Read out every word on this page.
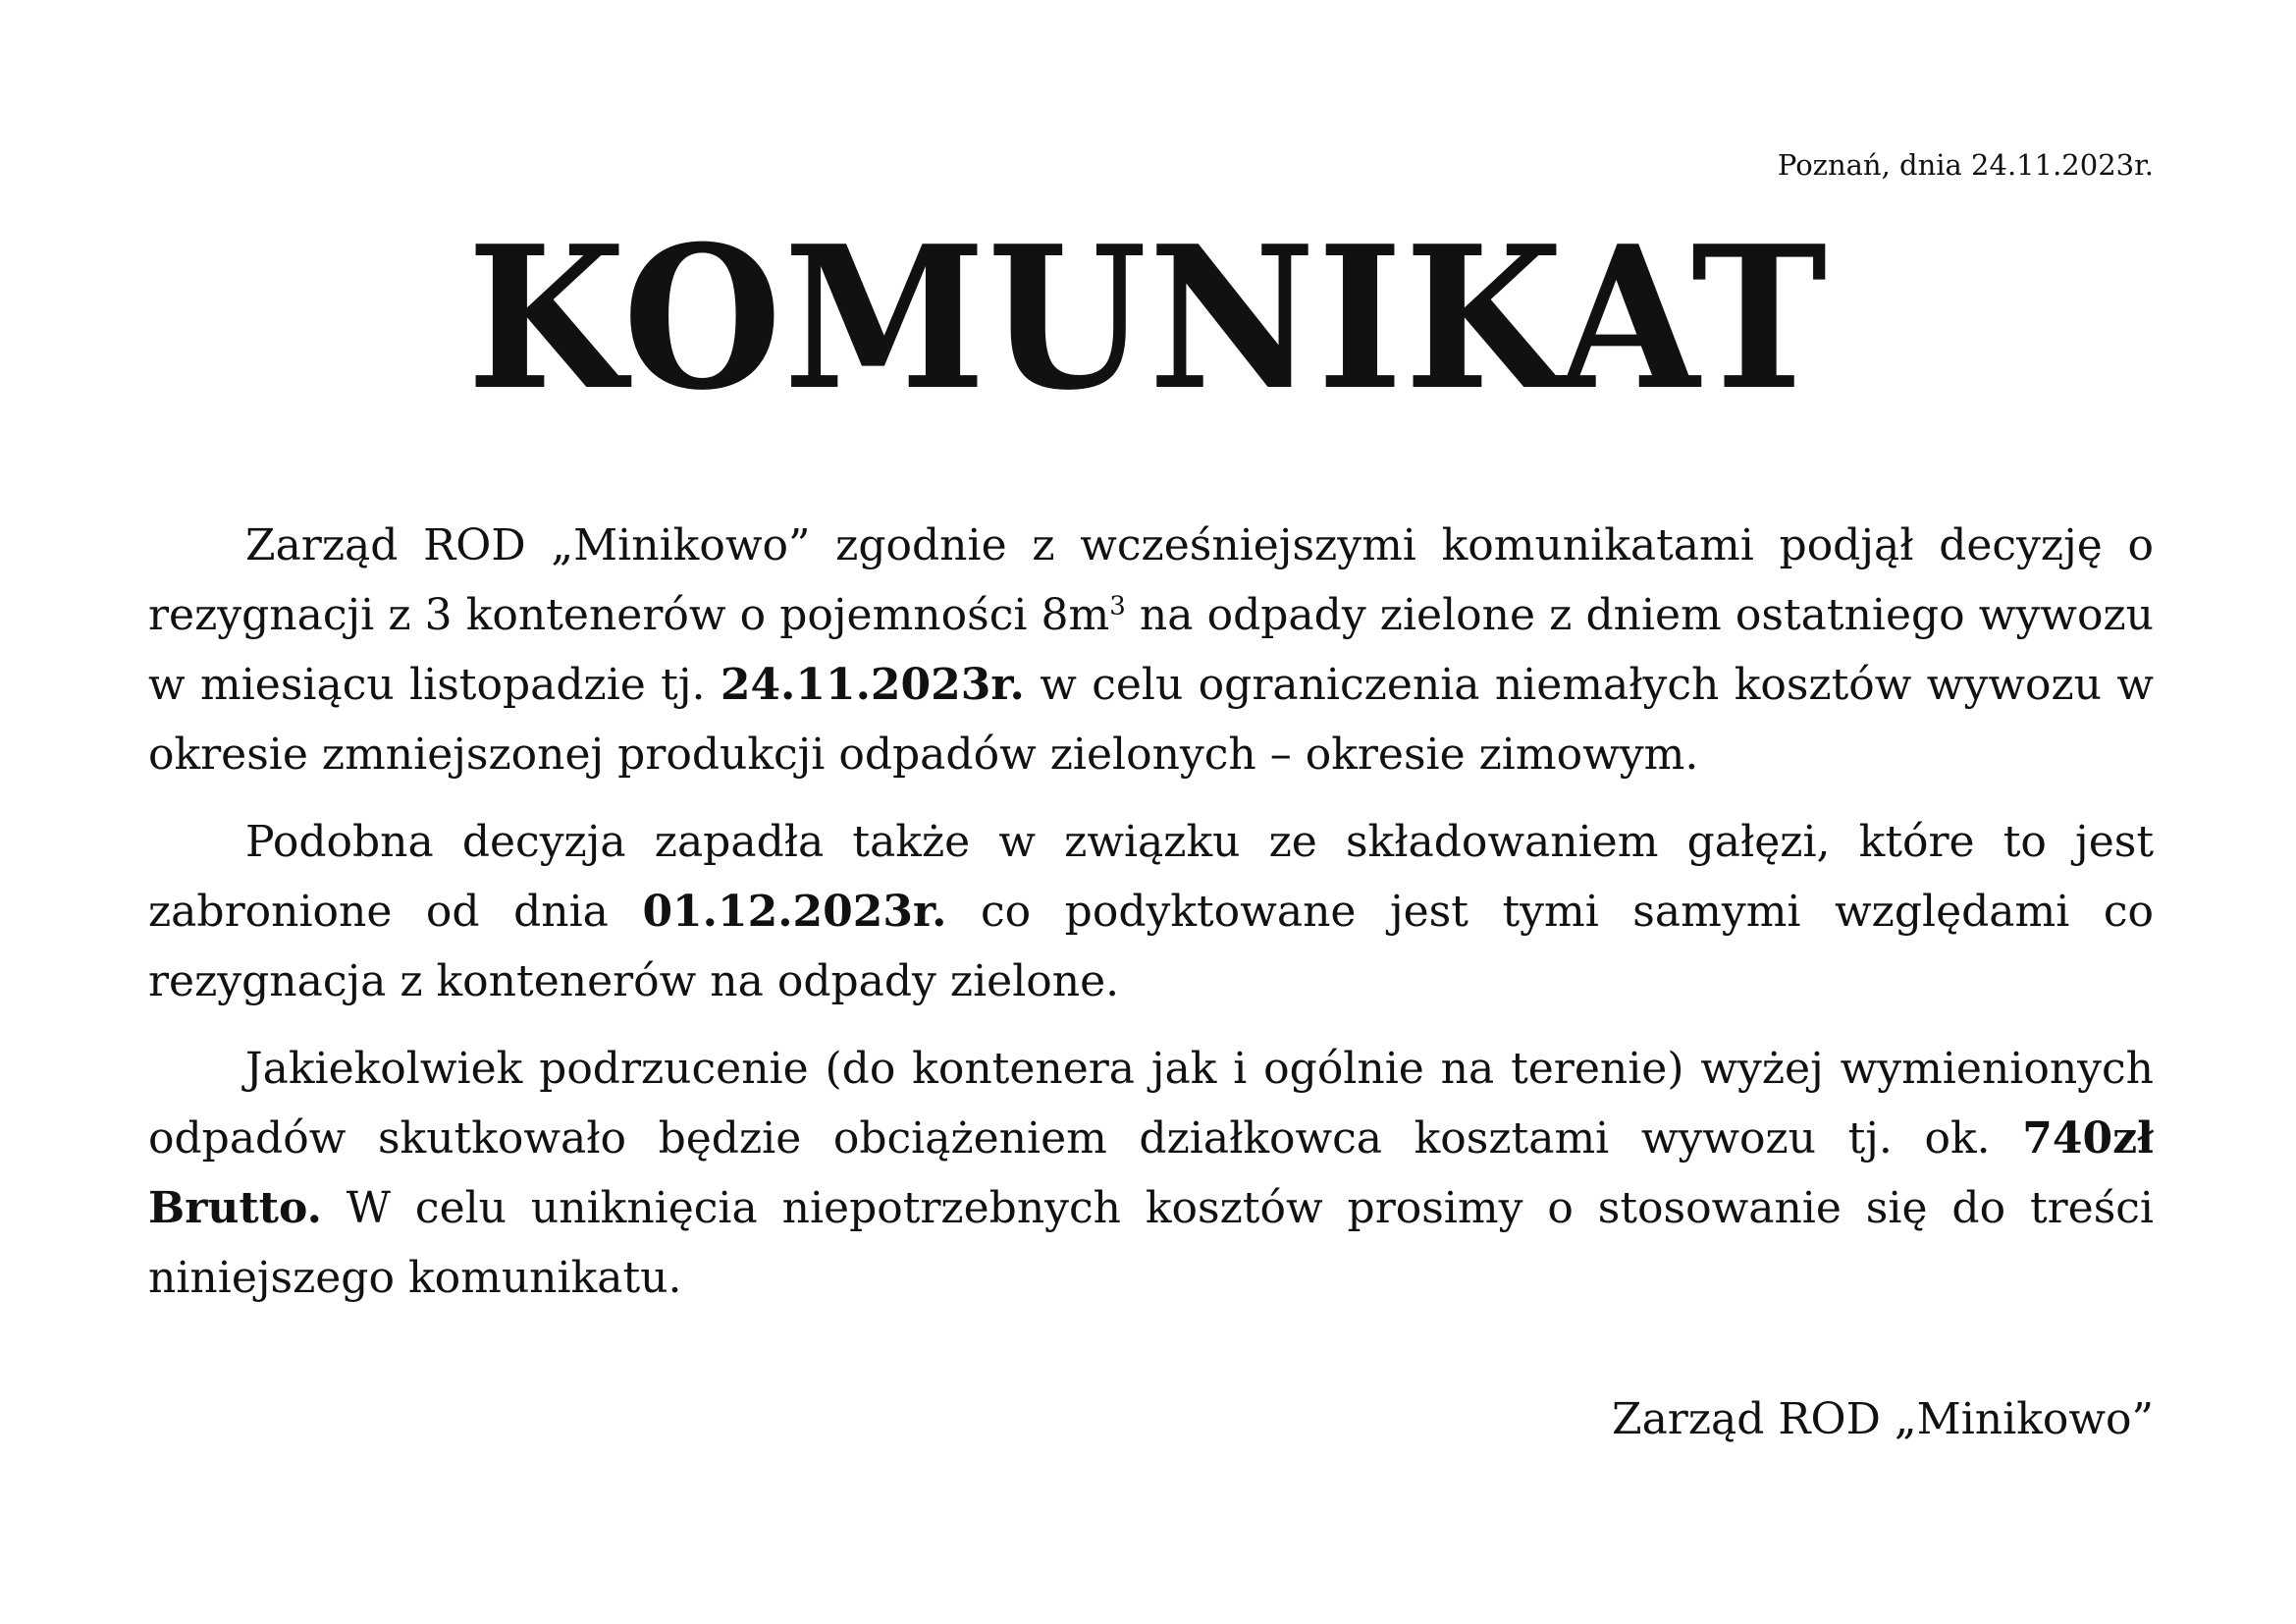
Poznań, dnia 24.11.2023r.
KOMUNIKAT

Zarząd ROD „Minikowo” zgodnie z wcześniejszymi komunikatami podjął decyzję o rezygnacji z 3 kontenerów o pojemności $8m^3$ na odpady zielone z dniem ostatniego wywozu w miesiącu listopadzie tj. 24.11.2023r. w celu ograniczenia niemałych kosztów wywozu w okresie zmniejszonej produkcji odpadów zielonych – okresie zimowym.

Podobna decyzja zapadła także w związku ze składowaniem gałęzi, które to jest zabronione od dnia 01.12.2023r. co podyktowane jest tymi samymi względami co rezygnacja z kontenerów na odpady zielone.

Jakiekolwiek podrzucenie (do kontenera jak i ogólnie na terenie) wyżej wymienionych odpadów skutkowało będzie obciążeniem działkowca kosztami wywozu tj. ok. 740zł Brutto. W celu uniknięcia niepotrzebnych kosztów prosimy o stosowanie się do treści niniejszego komunikatu.

Zarząd ROD „Minikowo”
